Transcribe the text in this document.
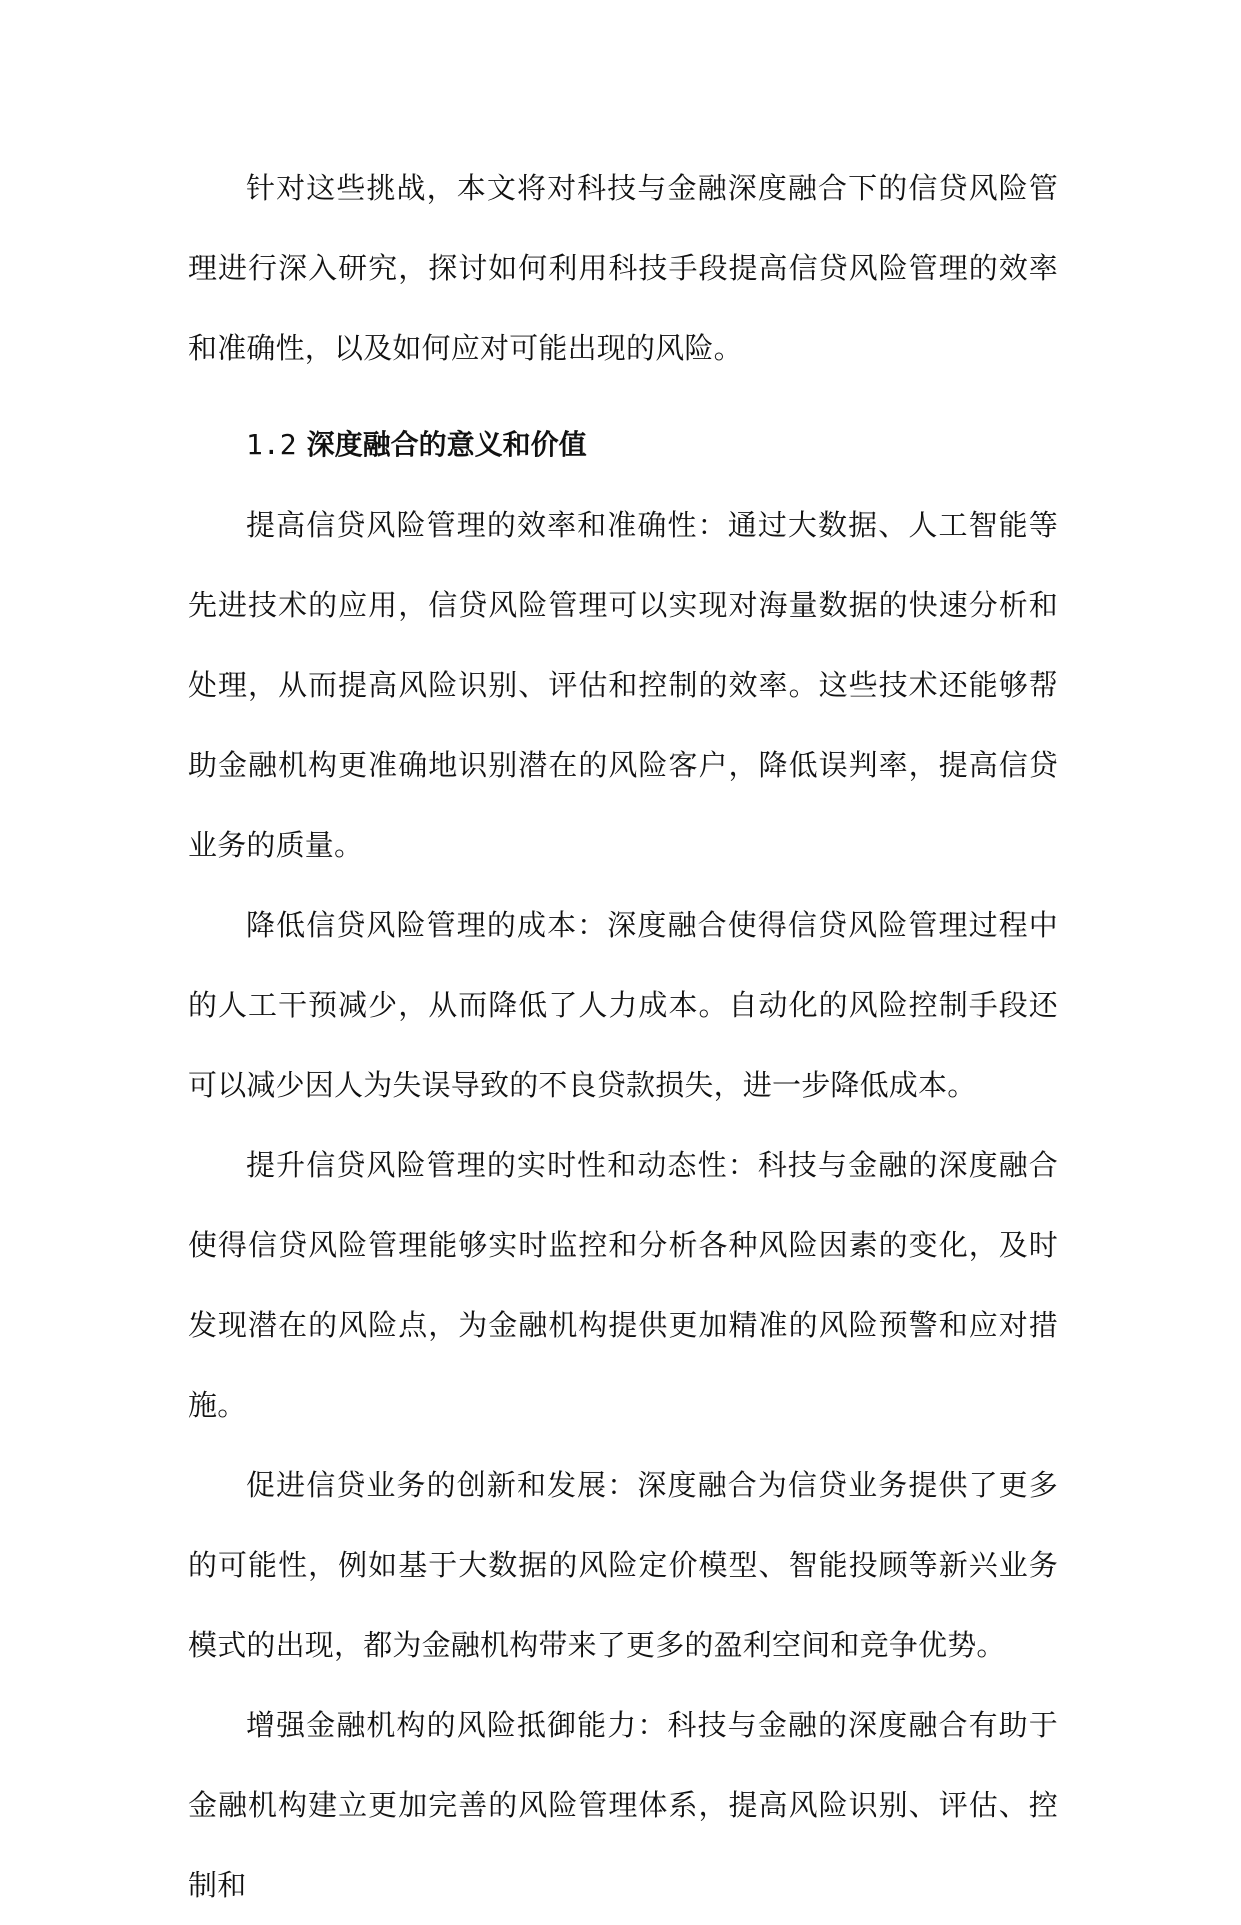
针对这些挑战，本文将对科技与金融深度融合下的信贷风险管理进行深入研究，探讨如何利用科技手段提高信贷风险管理的效率和准确性，以及如何应对可能出现的风险。

1.2 深度融合的意义和价值

提高信贷风险管理的效率和准确性：通过大数据、人工智能等先进技术的应用，信贷风险管理可以实现对海量数据的快速分析和处理，从而提高风险识别、评估和控制的效率。这些技术还能够帮助金融机构更准确地识别潜在的风险客户，降低误判率，提高信贷业务的质量。

降低信贷风险管理的成本：深度融合使得信贷风险管理过程中的人工干预减少，从而降低了人力成本。自动化的风险控制手段还可以减少因人为失误导致的不良贷款损失，进一步降低成本。

提升信贷风险管理的实时性和动态性：科技与金融的深度融合使得信贷风险管理能够实时监控和分析各种风险因素的变化，及时发现潜在的风险点，为金融机构提供更加精准的风险预警和应对措施。

促进信贷业务的创新和发展：深度融合为信贷业务提供了更多的可能性，例如基于大数据的风险定价模型、智能投顾等新兴业务模式的出现，都为金融机构带来了更多的盈利空间和竞争优势。

增强金融机构的风险抵御能力：科技与金融的深度融合有助于金融机构建立更加完善的风险管理体系，提高风险识别、评估、控制和
